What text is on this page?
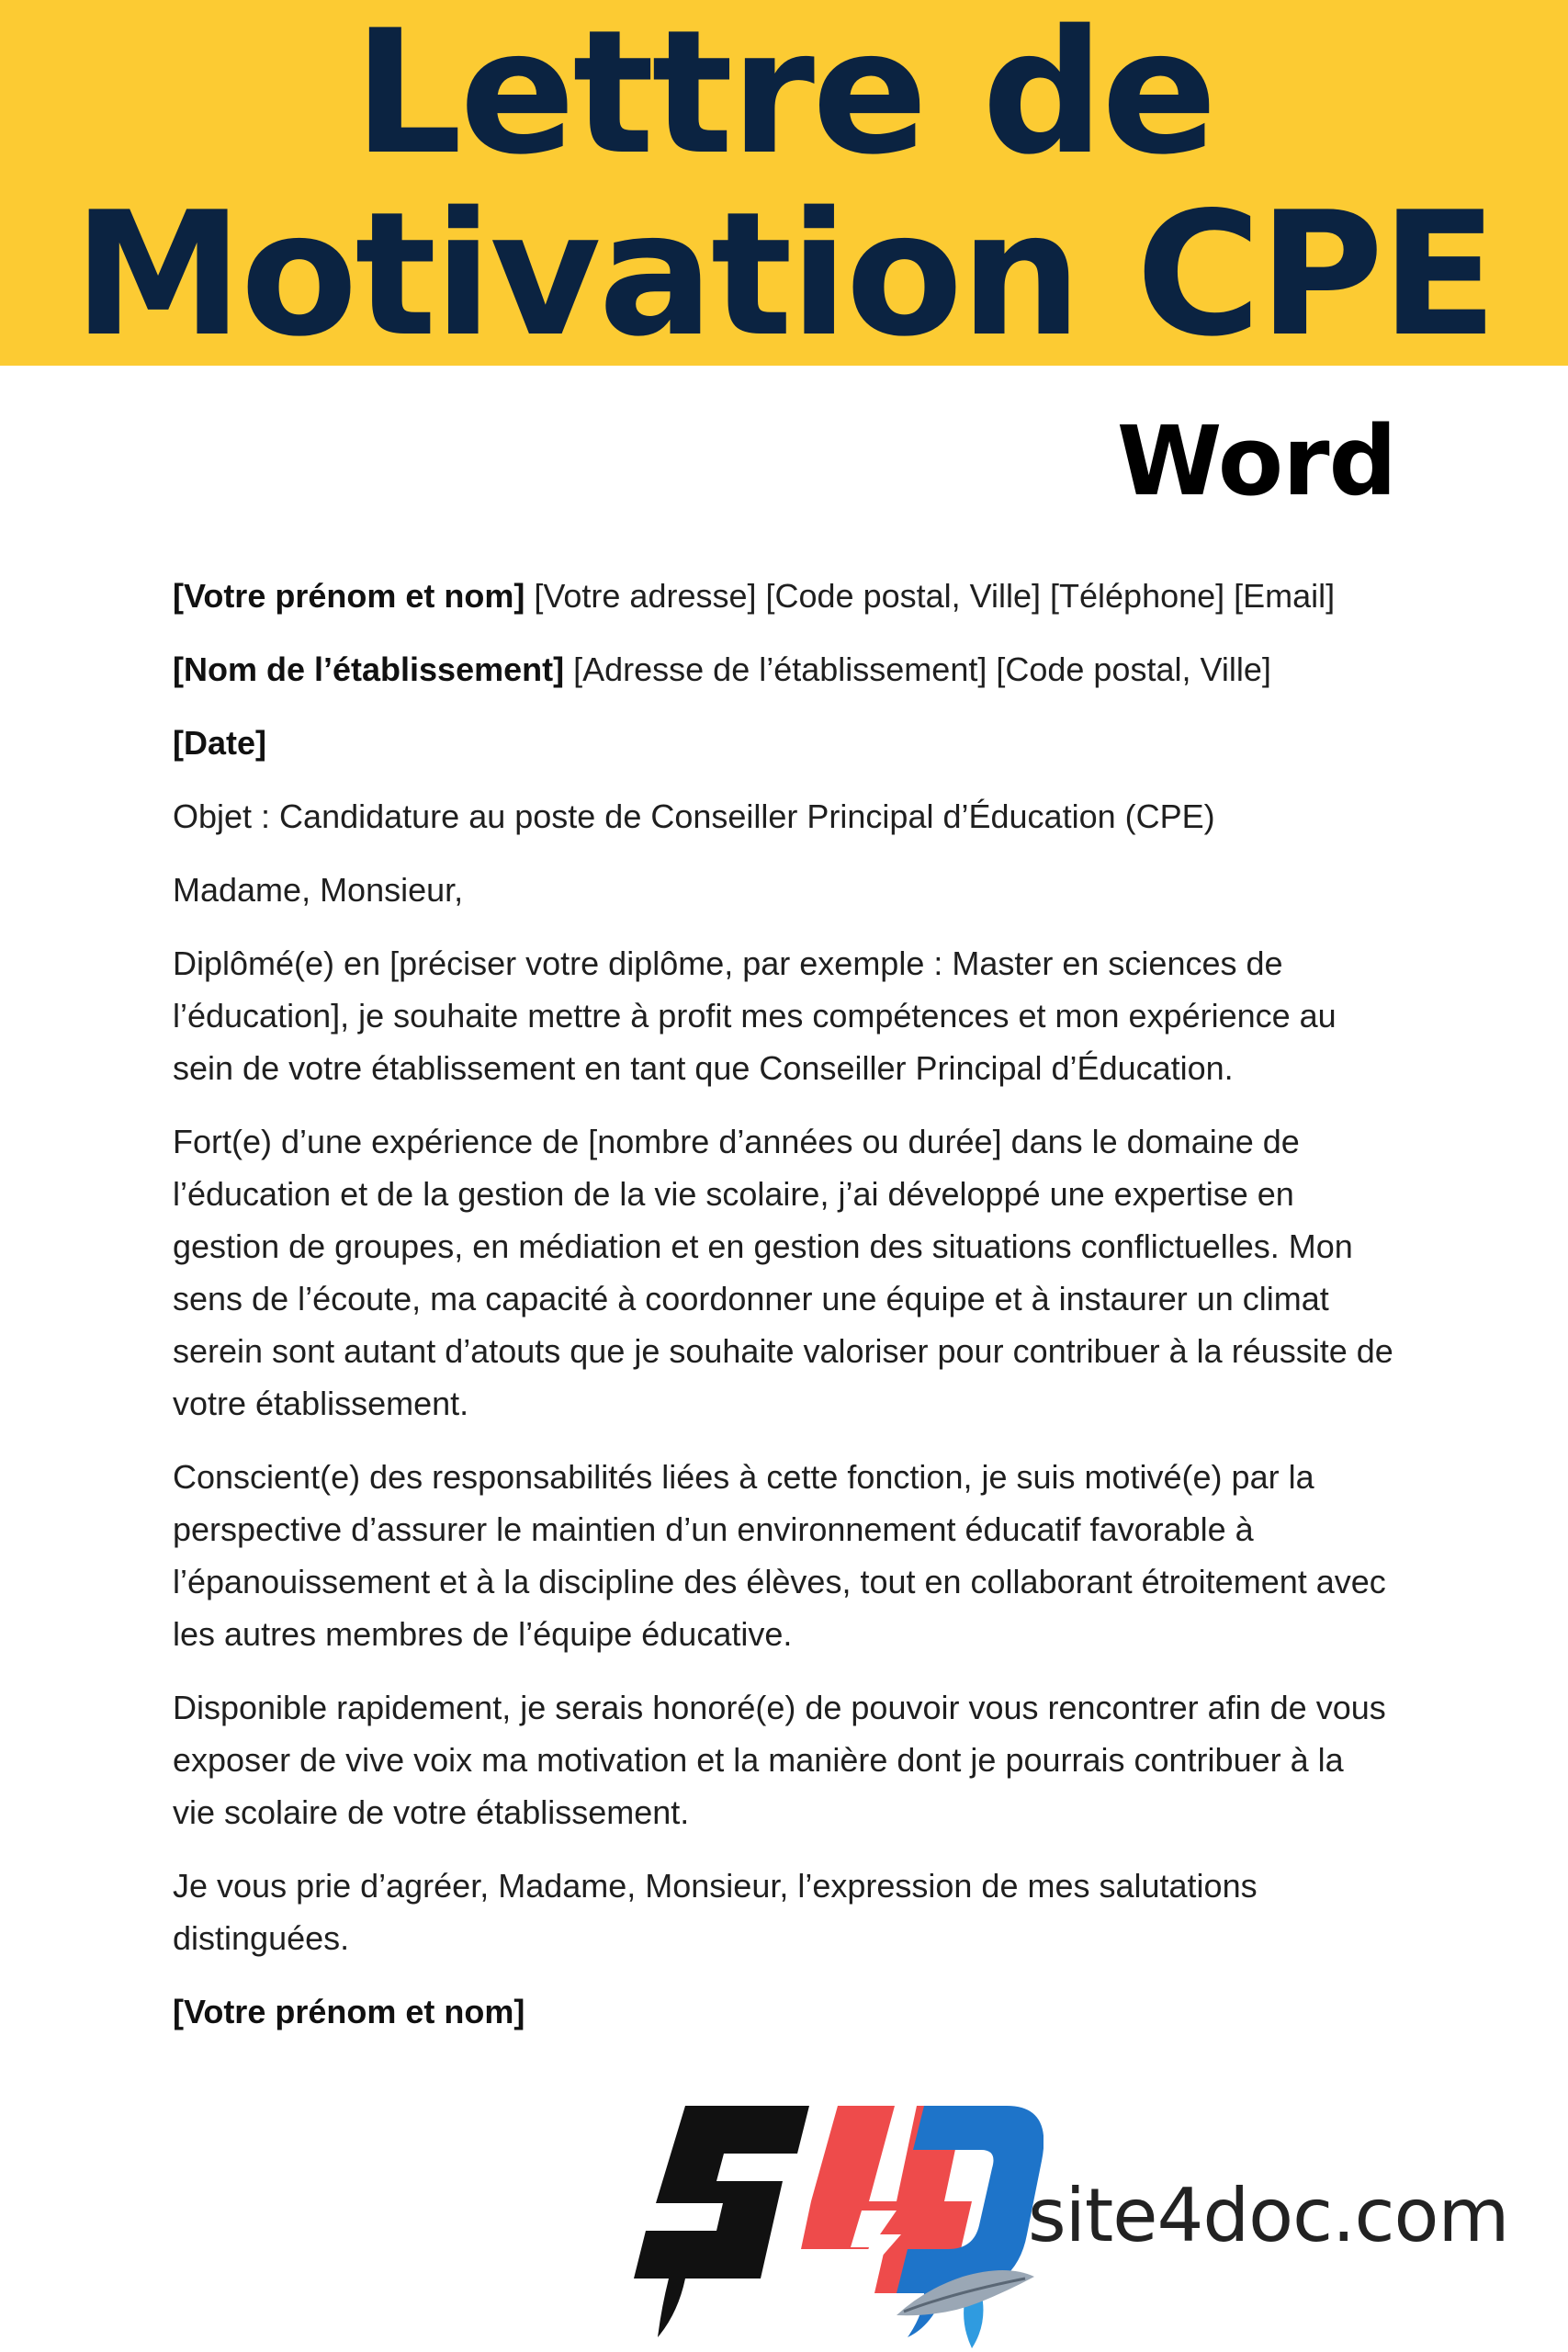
Lettre de
Motivation CPE
Word

[Votre prénom et nom] [Votre adresse] [Code postal, Ville] [Téléphone] [Email]

[Nom de l’établissement] [Adresse de l’établissement] [Code postal, Ville]

[Date]

Objet : Candidature au poste de Conseiller Principal d’Éducation (CPE)

Madame, Monsieur,

Diplômé(e) en [préciser votre diplôme, par exemple : Master en sciences de l’éducation], je souhaite mettre à profit mes compétences et mon expérience au sein de votre établissement en tant que Conseiller Principal d’Éducation.

Fort(e) d’une expérience de [nombre d’années ou durée] dans le domaine de l’éducation et de la gestion de la vie scolaire, j’ai développé une expertise en gestion de groupes, en médiation et en gestion des situations conflictuelles. Mon sens de l’écoute, ma capacité à coordonner une équipe et à instaurer un climat serein sont autant d’atouts que je souhaite valoriser pour contribuer à la réussite de votre établissement.

Conscient(e) des responsabilités liées à cette fonction, je suis motivé(e) par la perspective d’assurer le maintien d’un environnement éducatif favorable à l’épanouissement et à la discipline des élèves, tout en collaborant étroitement avec les autres membres de l’équipe éducative.

Disponible rapidement, je serais honoré(e) de pouvoir vous rencontrer afin de vous exposer de vive voix ma motivation et la manière dont je pourrais contribuer à la vie scolaire de votre établissement.

Je vous prie d’agréer, Madame, Monsieur, l’expression de mes salutations distinguées.

[Votre prénom et nom]

site4doc.com
